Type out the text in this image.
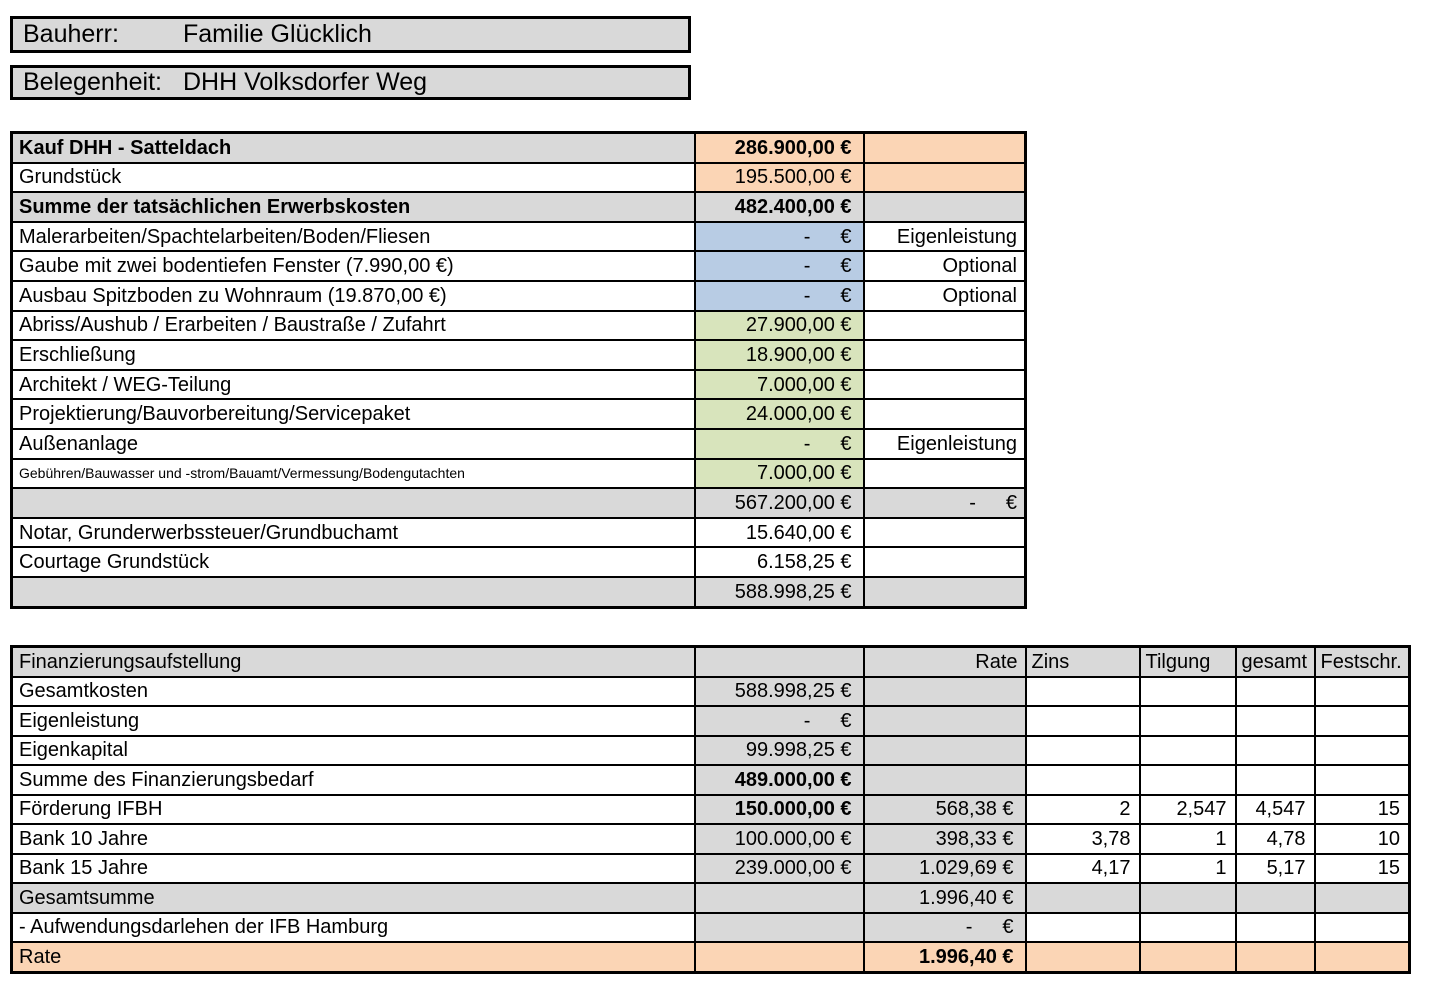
Bauherr:	Familie Glücklich
Belegenheit: DHH Volksdorfer Weg
Kauf DHH - Satteldach	286.900,00 €	
Grundstück	195.500,00 €	
Summe der tatsächlichen Erwerbskosten	482.400,00 €	
Malerarbeiten/Spachtelarbeiten/Boden/Fliesen	- €	Eigenleistung
Gaube mit zwei bodentiefen Fenster (7.990,00 €)	- €	Optional
Ausbau Spitzboden zu Wohnraum (19.870,00 €)	- €	Optional
Abriss/Aushub / Erarbeiten / Baustraße / Zufahrt	27.900,00 €	
Erschließung	18.900,00 €	
Architekt / WEG-Teilung	7.000,00 €	
Projektierung/Bauvorbereitung/Servicepaket	24.000,00 €	
Außenanlage	- €	Eigenleistung
Gebühren/Bauwasser und -strom/Bauamt/Vermessung/Bodengutachten	7.000,00 €	
	567.200,00 €	- €
Notar, Grunderwerbssteuer/Grundbuchamt	15.640,00 €	
Courtage Grundstück	6.158,25 €	
	588.998,25 €	
Finanzierungsaufstellung		Rate	Zins	Tilgung	gesamt	Festschr.
Gesamtkosten	588.998,25 €					
Eigenleistung	- €					
Eigenkapital	99.998,25 €					
Summe des Finanzierungsbedarf	489.000,00 €					
Förderung IFBH	150.000,00 €	568,38 €	2	2,547	4,547	15
Bank 10 Jahre	100.000,00 €	398,33 €	3,78	1	4,78	10
Bank 15 Jahre	239.000,00 €	1.029,69 €	4,17	1	5,17	15
Gesamtsumme		1.996,40 €				
- Aufwendungsdarlehen der IFB Hamburg		- €				
Rate		1.996,40 €				
